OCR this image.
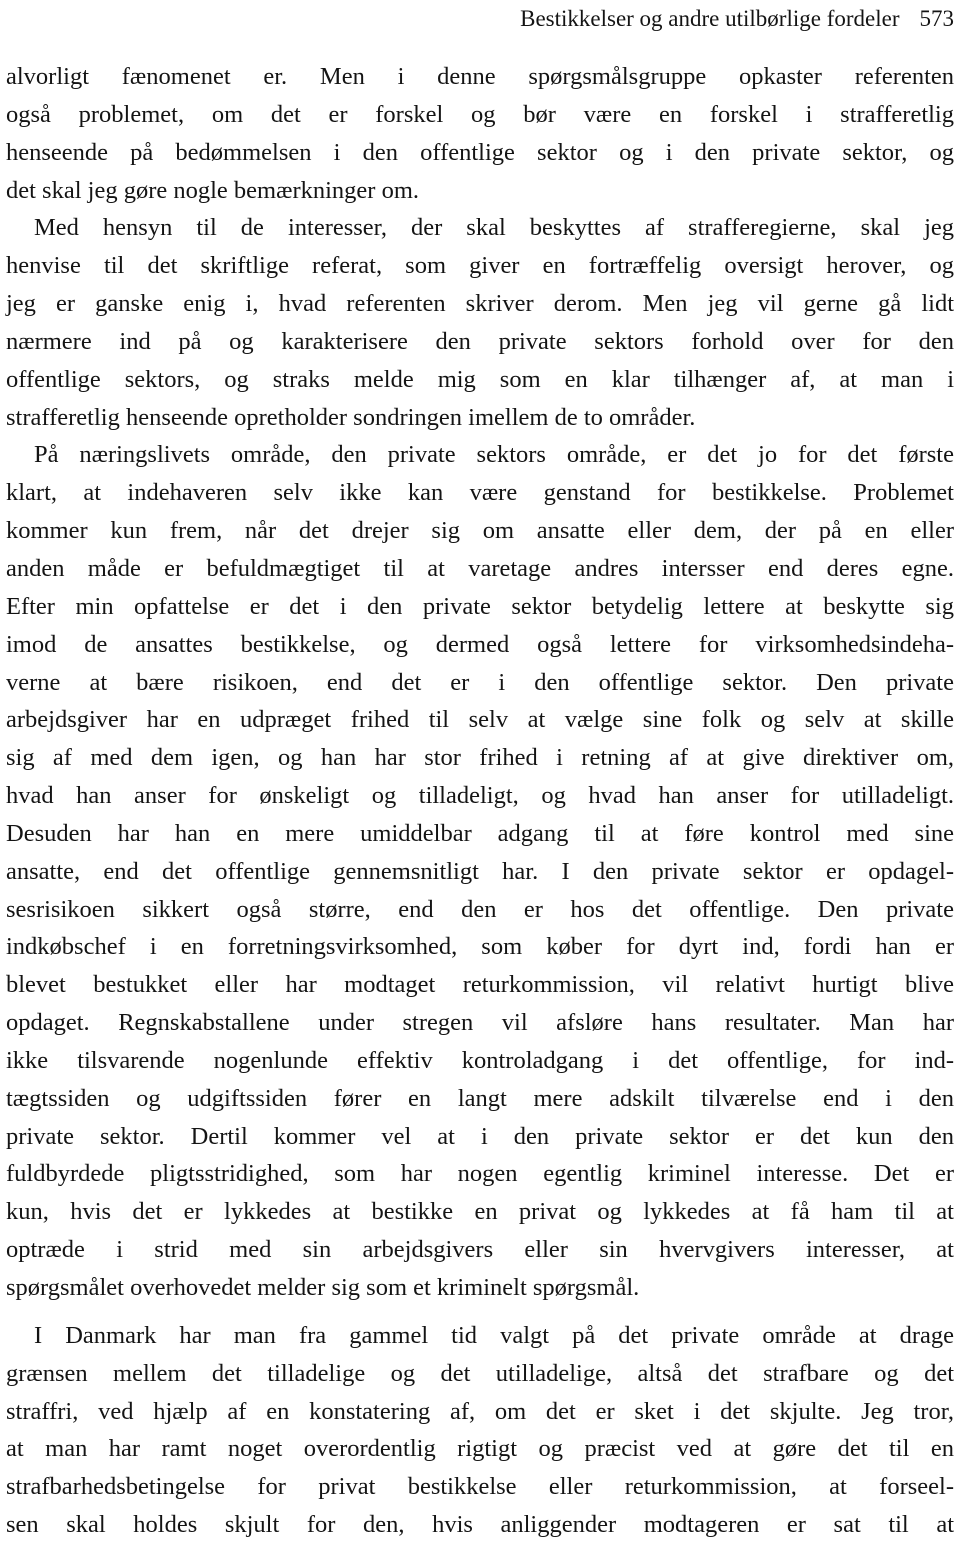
Bestikkelser og andre utilbørlige fordeler 573
alvorligt fænomenet er. Men i denne spørgsmålsgruppe opkaster referenten
også problemet, om det er forskel og bør være en forskel i strafferetlig
henseende på bedømmelsen i den offentlige sektor og i den private sektor, og
det skal jeg gøre nogle bemærkninger om.
Med hensyn til de interesser, der skal beskyttes af strafferegierne, skal jeg
henvise til det skriftlige referat, som giver en fortræffelig oversigt herover, og
jeg er ganske enig i, hvad referenten skriver derom. Men jeg vil gerne gå lidt
nærmere ind på og karakterisere den private sektors forhold over for den
offentlige sektors, og straks melde mig som en klar tilhænger af, at man i
strafferetlig henseende opretholder sondringen imellem de to områder.
På næringslivets område, den private sektors område, er det jo for det første
klart, at indehaveren selv ikke kan være genstand for bestikkelse. Problemet
kommer kun frem, når det drejer sig om ansatte eller dem, der på en eller
anden måde er befuldmægtiget til at varetage andres intersser end deres egne.
Efter min opfattelse er det i den private sektor betydelig lettere at beskytte sig
imod de ansattes bestikkelse, og dermed også lettere for virksomhedsindeha-
verne at bære risikoen, end det er i den offentlige sektor. Den private
arbejdsgiver har en udpræget frihed til selv at vælge sine folk og selv at skille
sig af med dem igen, og han har stor frihed i retning af at give direktiver om,
hvad han anser for ønskeligt og tilladeligt, og hvad han anser for utilladeligt.
Desuden har han en mere umiddelbar adgang til at føre kontrol med sine
ansatte, end det offentlige gennemsnitligt har. I den private sektor er opdagel-
sesrisikoen sikkert også større, end den er hos det offentlige. Den private
indkøbschef i en forretningsvirksomhed, som køber for dyrt ind, fordi han er
blevet bestukket eller har modtaget returkommission, vil relativt hurtigt blive
opdaget. Regnskabstallene under stregen vil afsløre hans resultater. Man har
ikke tilsvarende nogenlunde effektiv kontroladgang i det offentlige, for ind-
tægtssiden og udgiftssiden fører en langt mere adskilt tilværelse end i den
private sektor. Dertil kommer vel at i den private sektor er det kun den
fuldbyrdede pligtsstridighed, som har nogen egentlig kriminel interesse. Det er
kun, hvis det er lykkedes at bestikke en privat og lykkedes at få ham til at
optræde i strid med sin arbejdsgivers eller sin hvervgivers interesser, at
spørgsmålet overhovedet melder sig som et kriminelt spørgsmål.
I Danmark har man fra gammel tid valgt på det private område at drage
grænsen mellem det tilladelige og det utilladelige, altså det strafbare og det
straffri, ved hjælp af en konstatering af, om det er sket i det skjulte. Jeg tror,
at man har ramt noget overordentlig rigtigt og præcist ved at gøre det til en
strafbarhedsbetingelse for privat bestikkelse eller returkommission, at forseel-
sen skal holdes skjult for den, hvis anliggender modtageren er sat til at
